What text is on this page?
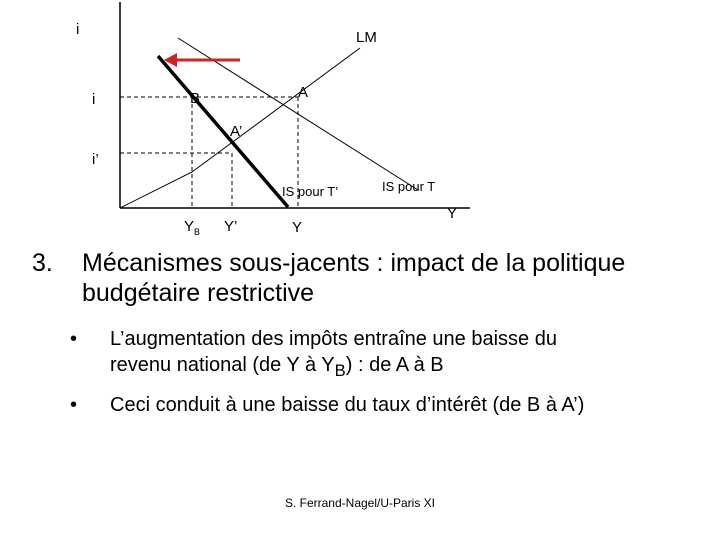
i	LM
i	B	A
A’
i’
IS pour T’	IS pour T
Y
$Y_B$ Y’	Y
3. Mécanismes sous-jacents : impact de la politique budgétaire restrictive
• L’augmentation des impôts entraîne une baisse du
revenu national (de Y à $Y_B$) : de A à B
• Ceci conduit à une baisse du taux d’intérêt (de B à A’)
S. Ferrand-Nagel/U-Paris XI
